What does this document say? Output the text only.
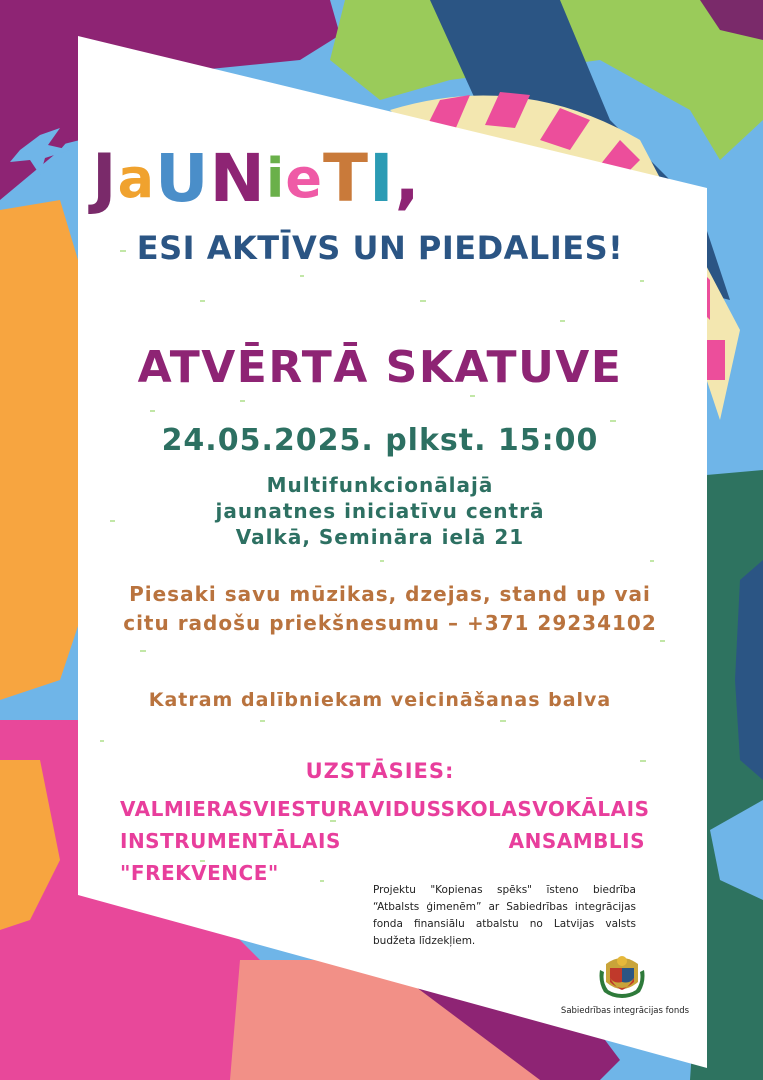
J a U N i e T I ,
ESI AKTĪVS UN PIEDALIES!
ATVĒRTĀ SKATUVE
24.05.2025. plkst. 15:00
Multifunkcionālajā
jaunatnes iniciatīvu centrā
Valkā, Semināra ielā 21
Piesaki savu mūzikas, dzejas, stand up vai citu radošu priekšnesumu – +371 29234102
Katram dalībniekam veicināšanas balva
UZSTĀSIES:
VALMIERAS VIESTURA VIDUSSKOLAS VOKĀLAIS
INSTRUMENTĀLAIS ANSAMBLIS "FREKVENCE"
Projektu "Kopienas spēks" īsteno biedrība “Atbalsts ģimenēm” ar Sabiedrības integrācijas fonda finansiālu atbalstu no Latvijas valsts budžeta līdzekļiem.
Sabiedrības integrācijas fonds
